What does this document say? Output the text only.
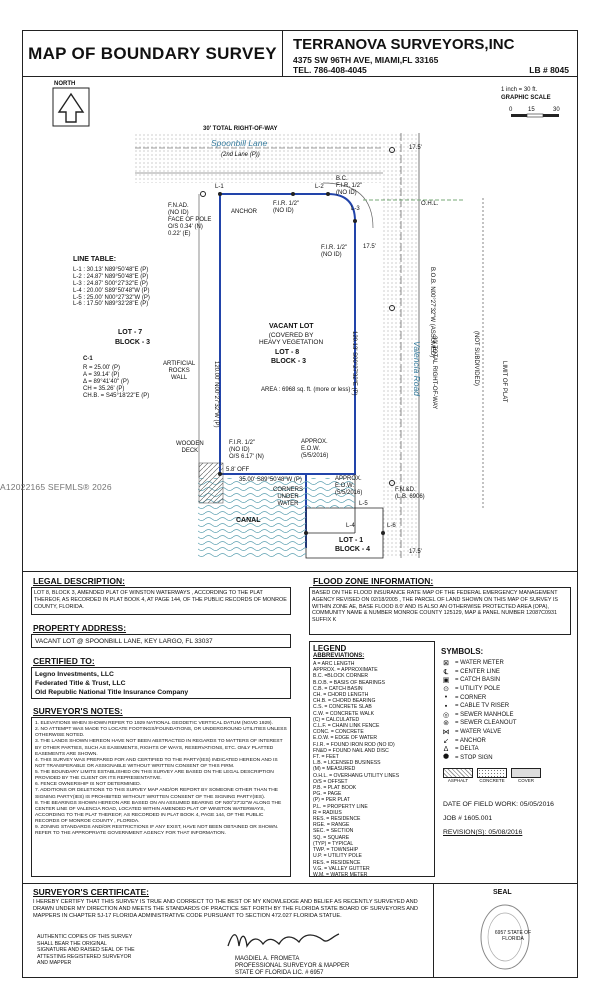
MAP OF BOUNDARY SURVEY	TERRANOVA SURVEYORS,INC
4375 SW 96TH AVE, MIAMI,FL 33165
TEL. 786-408-4045	LB # 8045
NORTH
1 inch = 30 ft.
GRAPHIC SCALE
0	15	30
30' TOTAL RIGHT-OF-WAY
Spoonbill Lane
(2nd Lane (P))
B.C.
F.I.R. 1/2"
(NO ID)
L-1	L-2
L-3
O.H.L.
F.N.AD.
(NO ID)
FACE OF POLE
O/S 0.34' (N)
0.22' (E)
ANCHOR
F.I.R. 1/2"
(NO ID)
F.I.R. 1/2"
(NO ID)
17.5'
17.5'
LINE TABLE:
L-1 : 30.13' N89°50'48"E (P)
L-2 : 24.87' N89°50'48"E (P)
L-3 : 24.87' S00°27'32"E (P)
L-4 : 20.00' S89°50'48"W (P)
L-5 : 25.00' N00°27'32"W (P)
L-6 : 17.50' N89°32'28"E (P)
C-1
R = 25.00' (P)
A = 39.14' (P)
Δ = 89°41'40" (P)
CH = 35.26' (P)
CH.B. = S45°18'22"E (P)
LOT - 7
BLOCK - 3
ARTIFICIAL
ROCKS
WALL
VACANT LOT
(COVERED BY
HEAVY VEGETATION
LOT - 8
BLOCK - 3
AREA : 6968 sq. ft. (more or less)
120.00' N00°27'32"W (P)	120.13' S00°27'32"E (P)
B.O.B. N00°27'32"W (ASSUMED)
Valencia Road 30' TOTAL RIGHT-OF-WAY	(NOT SUBDIVIDED)	LIMIT OF PLAT
WOODEN
DECK
F.I.R. 1/2"
(NO ID)
O/S 6.17' (N)
5.8' OFF
35.00' S89°50'48"W (P)
APPROX.
E.O.W.
(5/5/2016)
APPROX.
E.O.W.
(5/5/2016)
CORNERS
UNDER
WATER
CANAL
L-4
L-5
L-6
LOT - 1
BLOCK - 4
F.N.&D.
(L.B. 6906)
17.5'
LEGAL DESCRIPTION:
LOT 8, BLOCK 3, AMENDED PLAT OF WINSTON WATERWAYS , ACCORDING TO THE PLAT THEREOF, AS RECORDED IN PLAT BOOK 4, AT PAGE 144, OF THE PUBLIC RECORDS OF MONROE COUNTY, FLORIDA.
FLOOD ZONE INFORMATION:
BASED ON THE FLOOD INSURANCE RATE MAP OF THE FEDERAL EMERGENCY MANAGEMENT AGENCY REVISED ON 02/18/2005 , THE PARCEL OF LAND SHOWN ON THIS MAP OF SURVEY IS WITHIN ZONE AE, BASE FLOOD 8.0' AND IS ALSO AN OTHERWISE PROTECTED AREA (OPA), COMMUNITY NAME & NUMBER MONROE COUNTY 125129, MAP & PANEL NUMBER 12087C0931 SUFFIX K
PROPERTY ADDRESS:
VACANT LOT @ SPOONBILL LANE, KEY LARGO, FL 33037
CERTIFIED TO:
Legno Investments, LLC
Federated Title & Trust, LLC
Old Republic National Title Insurance Company
SURVEYOR'S NOTES:
1. ELEVATIONS WHEN SHOWN REFER TO 1929 NATIONAL GEODETIC VERTICAL DATUM (NGVD 1929).
2. NO ATTEMPT WAS MADE TO LOCATE FOOTINGS/FOUNDATIONS, OR UNDERGROUND UTILITIES UNLESS OTHERWISE NOTED.
3. THE LANDS SHOWN HEREON HAVE NOT BEEN ABSTRACTED IN REGARDS TO MATTERS OF INTEREST BY OTHER PARTIES, SUCH AS EASEMENTS, RIGHTS OF WAYS, RESERVATIONS, ETC. ONLY PLATTED EASEMENTS ARE SHOWN.
4. THIS SURVEY WAS PREPARED FOR AND CERTIFIED TO THE PARTY(IES) INDICATED HEREON AND IS NOT TRANSFERABLE OR ASSIGNABLE WITHOUT WRITTEN CONSENT OF THIS FIRM.
5. THE BOUNDARY LIMITS ESTABLISHED ON THIS SURVEY ARE BASED ON THE LEGAL DESCRIPTION PROVIDED BY THE CLIENT OR ITS REPRESENTATIVE.
6. FENCE OWNERSHIP IS NOT DETERMINED.
7. ADDITIONS OR DELETIONS TO THIS SURVEY MAP AND/OR REPORT BY SOMEONE OTHER THAN THE SIGNING PARTY(IES) IS PROHIBITED WITHOUT WRITTEN CONSENT OF THE SIGNING PARTY(IES).
8. THE BEARINGS SHOWN HEREON ARE BASED ON AN ASSUMED BEARING OF N00°27'32"W ALONG THE CENTER LINE OF VALENCIA ROAD, LOCATED WITHIN AMENDED PLAT OF WINSTON WATERWAYS, ACCORDING TO THE PLAT THEREOF, AS RECORDED IN PLAT BOOK 4, PAGE 144, OF THE PUBLIC RECORDS OF MONROE COUNTY , FLORIDA.
9. ZONING STANDARDS AND/OR RESTRICTIONS IF ANY EXIST, HAVE NOT BEEN OBTAINED OR SHOWN. REFER TO THE APPROPRIATE GOVERNMENT AGENCY FOR THAT INFORMATION.
LEGEND
ABBREVIATIONS:
A = ARC LENGTH
APPROX. = APPROXIMATE
B.C. =BLOCK CORNER
B.O.B. = BASIS OF BEARINGS
C.B. = CATCH BASIN
CH. = CHORD LENGTH
CH.B. = CHORD BEARING
C.S. = CONCRETE SLAB
C.W. = CONCRETE WALK
(C) = CALCULATED
C.L.F. = CHAIN LINK FENCE
CONC. = CONCRETE
E.O.W. = EDGE OF WATER
F.I.R. = FOUND IRON ROD (NO ID)
FN&D = FOUND NAIL AND DISC
FT. = FEET
L.B. = LICENSED BUSINESS
(M) = MEASURED
O.H.L. = OVERHANG UTILITY LINES
O/S = OFFSET
P.B. = PLAT BOOK
PG. = PAGE
(P) = PER PLAT
P.L. = PROPERTY LINE
R = RADIUS
RES. = RESIDENCE
RGE. = RANGE
SEC. = SECTION
SQ. = SQUARE
(TYP) = TYPICAL
TWP. = TOWNSHIP
U.P. = UTILITY POLE
RES. = RESIDENCE
V.G. = VALLEY GUTTER
W.M. = WATER METER
SYMBOLS:
⊠	= WATER METER
℄	= CENTER LINE
▣ = CATCH BASIN
⊙	= UTILITY POLE
•	= CORNER
▪	= CABLE TV RISER
◎ = SEWER MANHOLE
⊚	= SEWER CLEANOUT
⋈ = WATER VALVE
↙	= ANCHOR
Δ	= DELTA
⯃	= STOP SIGN
ASPHALT	CONCRETE	COVER
DATE OF FIELD WORK: 05/05/2016
JOB # 1605.001
REVISION(S): 05/08/2016
SURVEYOR'S CERTIFICATE:
I HEREBY CERTIFY THAT THIS SURVEY IS TRUE AND CORRECT TO THE BEST OF MY KNOWLEDGE AND BELIEF AS RECENTLY SURVEYED AND DRAWN UNDER MY DIRECTION AND MEETS THE STANDARDS OF PRACTICE SET FORTH BY THE FLORIDA STATE BOARD OF SURVEYORS AND MAPPERS IN CHAPTER 5J-17 FLORIDA ADMINISTRATIVE CODE PURSUANT TO SECTION 472.027 FLORIDA STATUE.
AUTHENTIC COPIES OF THIS SURVEY SHALL BEAR THE ORIGINAL SIGNATURE AND RAISED SEAL OF THE ATTESTING REGISTERED SURVEYOR AND MAPPER
MAGDIEL A. FROMETA
PROFESSIONAL SURVEYOR & MAPPER
STATE OF FLORIDA LIC. # 6957
SEAL
6957 STATE OF FLORIDA
A12022165 SEFMLS® 2026
